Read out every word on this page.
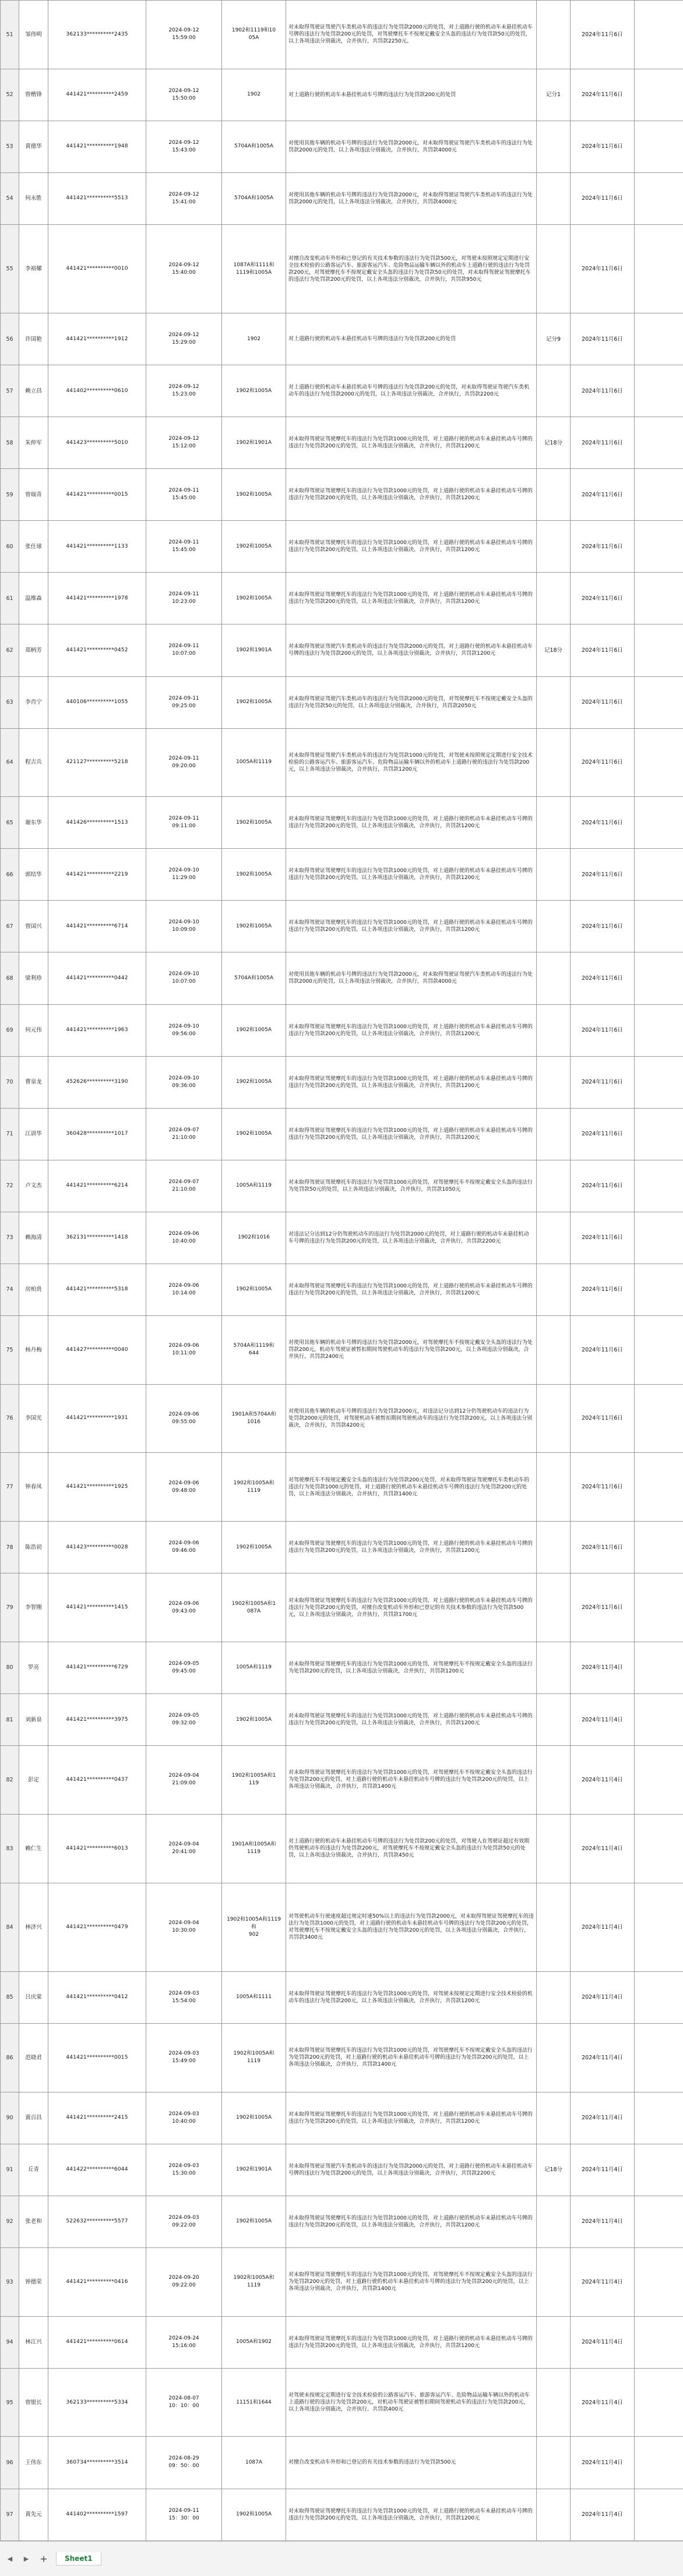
51	邹伟明	362133**********2435	2024-09-12
15:59:00	1902和1119和10
05A	对未取得驾驶证驾驶汽车类机动车的违法行为处罚款2000元的处罚，对上道路行驶的机动车未悬挂机动车号牌的违法行为处罚款200元的处罚，对驾驶摩托车不按规定戴安全头盔的违法行为处罚款50元的处罚，以上各项违法分别裁决，合并执行，共罚款2250元。		2024年11月6日	
52	曾楷锋	441421**********2459	2024-09-12
15:50:00	1902	对上道路行驶的机动车未悬挂机动车号牌的违法行为处罚款200元的处罚	记分1	2024年11月6日	
53	黄德华	441421**********1948	2024-09-12
15:43:00	5704A和1005A	对使用其他车辆的机动车号牌的违法行为处罚款2000元，对未取得驾驶证驾驶汽车类机动车的违法行为处罚款2000元的处罚，以上各项违法分别裁决，合并执行，共罚款4000元		2024年11月6日	
54	何永胜	441421**********5513	2024-09-12
15:41:00	5704A和1005A	对使用其他车辆的机动车号牌的违法行为处罚款2000元，对未取得驾驶证驾驶汽车类机动车的违法行为处罚款2000元的处罚，以上各项违法分别裁决，合并执行，共罚款4000元		2024年11月6日	
55	李裕耀	441421**********0010	2024-09-12
15:40:00	1087A和1111和
1119和1005A	对擅自改变机动车外形和已登记的有关技术参数的违法行为处罚款500元，对驾驶未按照规定定期进行安全技术检验的公路客运汽车、旅游客运汽车、危险物品运输车辆以外的机动车上道路行驶的违法行为处罚款200元，对驾驶摩托车不按规定戴安全头盔的违法行为处罚款50元的处罚，对未取得驾驶证驾驶摩托车的违法行为处罚款200元的处罚，以上各项违法分别裁决，合并执行，共罚款950元		2024年11月6日	
56	许国艳	441421**********1912	2024-09-12
15:29:00	1902	对上道路行驶的机动车未悬挂机动车号牌的违法行为处罚款200元的处罚	记分9	2024年11月6日	
57	赖立昌	441402**********0610	2024-09-12
15:23:00	1902和1005A	对上道路行驶的机动车未悬挂机动车号牌的违法行为处罚款200元的处罚，对未取得驾驶证驾驶汽车类机动车的违法行为处罚款2000元的处罚，以上各项违法分别裁决，合并执行，共罚款2200元		2024年11月6日	
58	朱仲军	441423**********5010	2024-09-12
15:12:00	1902和1901A	对未取得驾驶证驾驶摩托车的违法行为处罚款1000元的处罚，对上道路行驶的机动车未悬挂机动车号牌的违法行为处罚款200元的处罚，以上各项违法分别裁决，合并执行，共罚款1200元	记18分	2024年11月6日	
59	曾瑞青	441421**********0015	2024-09-11
15:45:00	1902和1005A	对未取得驾驶证驾驶摩托车的违法行为处罚款1000元的处罚，对上道路行驶的机动车未悬挂机动车号牌的违法行为处罚款200元的处罚，以上各项违法分别裁决，合并执行，共罚款1200元		2024年11月6日	
60	张仕球	441421**********1133	2024-09-11
15:45:00	1902和1005A	对未取得驾驶证驾驶摩托车的违法行为处罚款1000元的处罚，对上道路行驶的机动车未悬挂机动车号牌的违法行为处罚款200元的处罚，以上各项违法分别裁决，合并执行，共罚款1200元		2024年11月6日	
61	温维森	441421**********1978	2024-09-11
10:23:00	1902和1005A	对未取得驾驶证驾驶摩托车的违法行为处罚款1000元的处罚，对上道路行驶的机动车未悬挂机动车号牌的违法行为处罚款200元的处罚，以上各项违法分别裁决，合并执行，共罚款1200元		2024年11月6日	
62	郑柄芳	441421**********0452	2024-09-11
10:07:00	1902和1901A	对未取得驾驶证驾驶汽车类机动车的违法行为处罚款2000元的处罚，对上道路行驶的机动车未悬挂机动车号牌的违法行为处罚款200元的处罚，以上各项违法分别裁决，合并执行，共罚款1200元	记18分	2024年11月6日	
63	李肖宁	440106**********1055	2024-09-11
09:25:00	1902和1005A	对未取得驾驶证驾驶汽车类机动车的违法行为处罚款2000元的处罚，对驾驶摩托车不按规定戴安全头盔的违法行为处罚款50元的处罚，以上各项违法分别裁决，合并执行，共罚款2050元		2024年11月6日	
64	程吉兵	421127**********5218	2024-09-11
09:20:00	1005A和1119	对未取得驾驶证驾驶汽车类机动车的违法行为处罚款1000元的处罚，对驾驶未按照规定定期进行安全技术检验的公路客运汽车、旅游客运汽车、危险物品运输车辆以外的机动车上道路行驶的违法行为处罚款200元，以上各项违法分别裁决，合并执行，共罚款1200元		2024年11月6日	
65	谢东华	441426**********1513	2024-09-11
09:11:00	1902和1005A	对未取得驾驶证驾驶摩托车的违法行为处罚款1000元的处罚，对上道路行驶的机动车未悬挂机动车号牌的违法行为处罚款200元的处罚，以上各项违法分别裁决，合并执行，共罚款1200元		2024年11月6日	
66	郭结华	441421**********2219	2024-09-10
11:29:00	1902和1005A	对未取得驾驶证驾驶摩托车的违法行为处罚款1000元的处罚，对上道路行驶的机动车未悬挂机动车号牌的违法行为处罚款200元的处罚，以上各项违法分别裁决，合并执行，共罚款1200元		2024年11月6日	
67	曾国兴	441421**********6714	2024-09-10
10:09:00	1902和1005A	对未取得驾驶证驾驶摩托车的违法行为处罚款1000元的处罚，对上道路行驶的机动车未悬挂机动车号牌的违法行为处罚款200元的处罚，以上各项违法分别裁决，合并执行，共罚款1200元		2024年11月6日	
68	梁利珍	441421**********0442	2024-09-10
10:07:00	5704A和1005A	对使用其他车辆的机动车号牌的违法行为处罚款2000元，对未取得驾驶证驾驶汽车类机动车的违法行为处罚款2000元的处罚，以上各项违法分别裁决，合并执行，共罚款4000元		2024年11月6日	
69	何元伟	441421**********1963	2024-09-10
09:56:00	1902和1005A	对未取得驾驶证驾驶摩托车的违法行为处罚款1000元的处罚，对上道路行驶的机动车未悬挂机动车号牌的违法行为处罚款200元的处罚，以上各项违法分别裁决，合并执行，共罚款1200元		2024年11月6日	
70	曹泉龙	452626**********3190	2024-09-10
09:36:00	1902和1005A	对未取得驾驶证驾驶摩托车的违法行为处罚款1000元的处罚，对上道路行驶的机动车未悬挂机动车号牌的违法行为处罚款200元的处罚，以上各项违法分别裁决，合并执行，共罚款1200元		2024年11月6日	
71	江训华	360428**********1017	2024-09-07
21:10:00	1902和1005A	对未取得驾驶证驾驶摩托车的违法行为处罚款1000元的处罚，对上道路行驶的机动车未悬挂机动车号牌的违法行为处罚款200元的处罚，以上各项违法分别裁决，合并执行，共罚款1200元		2024年11月6日	
72	卢文杰	441421**********6214	2024-09-07
21:10:00	1005A和1119	对未取得驾驶证驾驶摩托车的违法行为处罚款1000元的处罚，对驾驶摩托车不按规定戴安全头盔的违法行为处罚款50元的处罚，以上各项违法分别裁决，合并执行，共罚款1050元		2024年11月6日	
73	赖海清	362131**********1418	2024-09-06
10:40:00	1902和1016	对违法记分达到12分仍驾驶机动车的违法行为处罚款2000元的处罚，对上道路行驶的机动车未悬挂机动车号牌的违法行为处罚款200元的处罚，以上各项违法分别裁决，合并执行，共罚款2200元		2024年11月6日	
74	房柏贵	441421**********5318	2024-09-06
10:14:00	1902和1005A	对未取得驾驶证驾驶摩托车的违法行为处罚款1000元的处罚，对上道路行驶的机动车未悬挂机动车号牌的违法行为处罚款200元的处罚，以上各项违法分别裁决，合并执行，共罚款1200元		2024年11月6日	
75	杨丹梅	441427**********0040	2024-09-06
10:11:00	5704A和1119和
644	对使用其他车辆的机动车号牌的违法行为处罚款2000元，对驾驶摩托车不按规定戴安全头盔的违法行为处罚款200元，机动车驾驶证被暂扣期间驾驶机动车的违法行为处罚款200元，以上各项违法分别裁决，合并执行，共罚款2400元		2024年11月6日	
76	李国光	441421**********1931	2024-09-06
09:55:00	1901A和5704A和
1016	对使用其他车辆的机动车号牌的违法行为处罚款2000元，对违法记分达到12分仍驾驶机动车的违法行为处罚款2000元的处罚，对驾驶机动车被暂扣期间驾驶机动车的违法行为处罚款200元，以上各项违法分别裁决，合并执行，共罚款4200元		2024年11月6日	
77	钟春凤	441421**********1925	2024-09-06
09:48:00	1902和1005A和
1119	对驾驶摩托车不按规定戴安全头盔的违法行为处罚款200元处罚，对未取得驾驶证驾驶摩托车类机动车的违法行为处罚款1000元的处罚，对上道路行驶的机动车未悬挂机动车号牌的违法行为处罚款200元的处罚，以上各项违法分别裁决，合并执行，共罚款1400元		2024年11月6日	
78	陈浩初	441423**********0028	2024-09-06
09:46:00	1902和1005A	对未取得驾驶证驾驶摩托车的违法行为处罚款1000元的处罚，对上道路行驶的机动车未悬挂机动车号牌的违法行为处罚款200元的处罚，以上各项违法分别裁决，合并执行，共罚款1200元		2024年11月6日	
79	李智刚	441421**********1415	2024-09-06
09:43:00	1902和1005A和1
087A	对未取得驾驶证驾驶摩托车的违法行为处罚款1000元的处罚，对上道路行驶的机动车未悬挂机动车号牌的违法行为处罚款200元的处罚，对擅自改变机动车外形和已登记的有关技术参数的违法行为处罚款500元，以上各项违法分别裁决，合并执行，共罚款1700元		2024年11月6日	
80	罗亮	441421**********6729	2024-09-05
09:45:00	1005A和1119	对未取得驾驶证驾驶摩托车的违法行为处罚款1000元的处罚，对驾驶摩托车不按规定戴安全头盔的违法行为处罚款200元的处罚，以上各项违法分别裁决，合并执行，共罚款1200元		2024年11月4日	
81	刘新泉	441421**********3975	2024-09-05
09:32:00	1902和1005A	对未取得驾驶证驾驶摩托车的违法行为处罚款1000元的处罚，对上道路行驶的机动车未悬挂机动车号牌的违法行为处罚款200元的处罚，以上各项违法分别裁决，合并执行，共罚款1200元		2024年11月4日	
82	彭定	441421**********0437	2024-09-04
21:09:00	1902和1005A和1
119	对未取得驾驶证驾驶摩托车的违法行为处罚款1000元的处罚，对驾驶摩托车不按规定戴安全头盔的违法行为处罚款200元的处罚，对上道路行驶的机动车未悬挂机动车号牌的违法行为处罚款200元的处罚，以上各项违法分别裁决，合并执行，共罚款1400元		2024年11月4日	
83	赖仁生	441421**********6013	2024-09-04
20:41:00	1901A和1005A和
1119	对上道路行驶的机动车未悬挂机动车号牌的违法行为处罚款200元的处罚，对驾驶人在驾驶证超过有效期仍驾驶机动车的违法行为处罚款200元，对驾驶摩托车不按规定戴安全头盔的违法行为处罚款50元的处罚，以上各项违法分别裁决，合并执行，共罚款450元		2024年11月4日	
84	林济兴	441421**********0479	2024-09-04
10:30:00	1902和1005A和1119和
902	对驾驶机动车行驶速度超过规定时速50%以上的违法行为处罚款2000元，对未取得驾驶证驾驶摩托车的违法行为处罚款1000元的处罚，对上道路行驶的机动车未悬挂机动车号牌的违法行为处罚款200元的处罚，对驾驶摩托车不按规定戴安全头盔的违法行为处罚款200元的处罚，以上各项违法分别裁决，合并执行，共罚款3400元		2024年11月4日	
85	吕庆棠	441421**********0412	2024-09-03
15:54:00	1005A和1111	对未取得驾驶证驾驶摩托车的违法行为处罚款1000元的处罚，对驾驶未按规定定期进行安全技术检验的机动车的违法行为处罚款200元，以上各项违法分别裁决，合并执行，共罚款1200元		2024年11月4日	
86	范晓君	441421**********0015	2024-09-03
15:49:00	1902和1005A和
1119	对未取得驾驶证驾驶摩托车的违法行为处罚款1000元的处罚，对驾驶摩托车不按规定戴安全头盔的违法行为处罚款200元的处罚，对上道路行驶的机动车未悬挂机动车号牌的违法行为处罚款200元的处罚，以上各项违法分别裁决，合并执行，共罚款1400元		2024年11月4日	
90	黄百昌	441421**********2415	2024-09-03
10:40:00	1902和1005A	对未取得驾驶证驾驶摩托车的违法行为处罚款1000元的处罚，对上道路行驶的机动车未悬挂机动车号牌的违法行为处罚款200元的处罚，以上各项违法分别裁决，合并执行，共罚款1200元		2024年11月4日	
91	丘青	441422**********6044	2024-09-03
15:30:00	1902和1901A	对未取得驾驶证驾驶汽车类机动车的违法行为处罚款2000元的处罚，对上道路行驶的机动车未悬挂机动车号牌的违法行为处罚款200元的处罚，以上各项违法分别裁决，合并执行，共罚款2200元	记18分	2024年11月4日	
92	张老和	522632**********5577	2024-09-03
09:22:00	1902和1005A	对未取得驾驶证驾驶摩托车的违法行为处罚款1000元的处罚，对上道路行驶的机动车未悬挂机动车号牌的违法行为处罚款200元的处罚，以上各项违法分别裁决，合并执行，共罚款1200元		2024年11月4日	
93	钟德荣	441421**********0416	2024-09-20
09:22:00	1902和1005A和
1119	对未取得驾驶证驾驶摩托车的违法行为处罚款1000元的处罚，对驾驶摩托车不按规定戴安全头盔的违法行为处罚款200元的处罚，对上道路行驶的机动车未悬挂机动车号牌的违法行为处罚款200元的处罚，以上各项违法分别裁决，合并执行，共罚款1400元		2024年11月4日	
94	林江兴	441421**********0614	2024-09-24
15:16:00	1005A和1902	对未取得驾驶证驾驶摩托车的违法行为处罚款1000元的处罚，对上道路行驶的机动车未悬挂机动车号牌的违法行为处罚款200元的处罚，以上各项违法分别裁决，合并执行，共罚款1200元		2024年11月4日	
95	曾银长	362133**********5334	2024-08-07
10：10：00	11151和1644	对驾驶未按规定定期进行安全技术检验的公路客运汽车、旅游客运汽车、危险物品运输车辆以外的机动车上道路行驶的违法行为处罚款200元，对机动车驾驶证被暂扣期间驾驶机动车的违法行为处罚款200元，以上各项违法分别裁决，合并执行，共罚款400元		2024年11月4日	
96	王伟东	360734**********3514	2024-08-29
09：50：00	1087A	对擅自改变机动车外形和已登记的有关技术参数的违法行为处罚款500元		2024年11月4日	
97	黄先元	441402**********1597	2024-09-11
15：30：00	1902和1005A	对未取得驾驶证驾驶摩托车的违法行为处罚款1000元的处罚，对上道路行驶的机动车未悬挂机动车号牌的违法行为处罚款200元的处罚，以上各项违法分别裁决，合并执行，共罚款1200元		2024年11月4日	
◀	▶	+	Sheet1
